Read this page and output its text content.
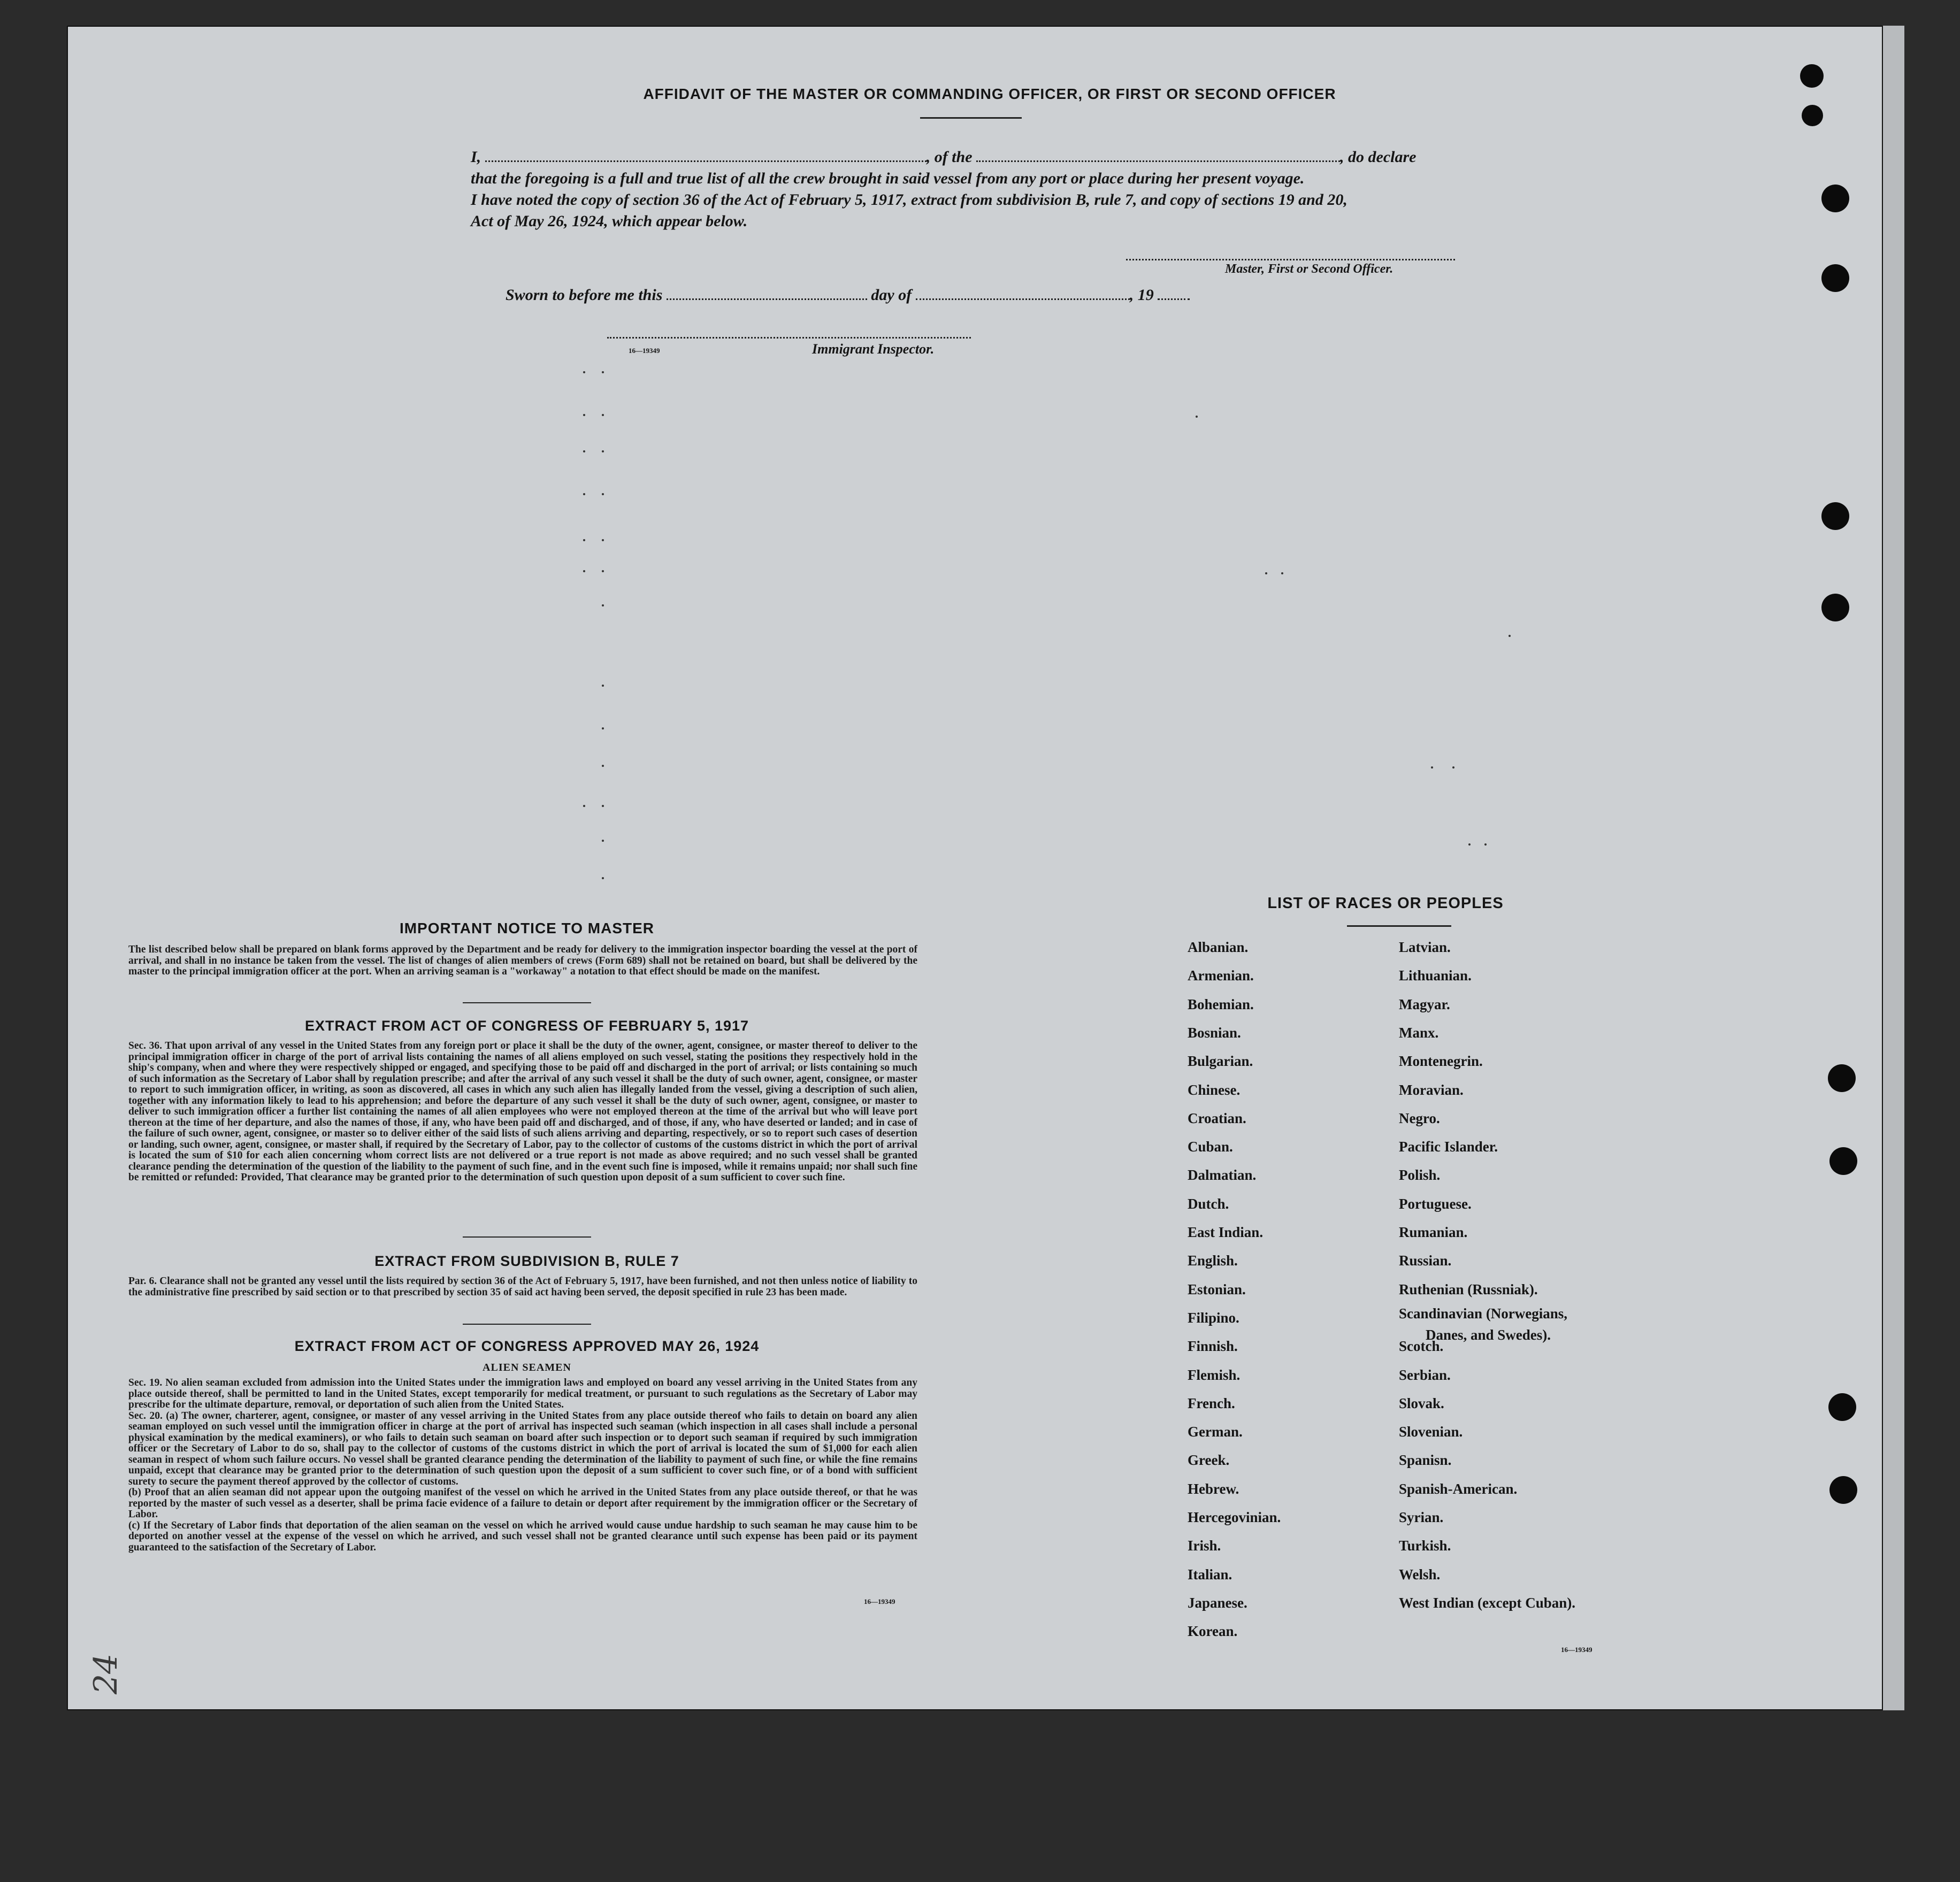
AFFIDAVIT OF THE MASTER OR COMMANDING OFFICER, OR FIRST OR SECOND OFFICER
I,	, of the	, do declare
that the foregoing is a full and true list of all the crew brought in said vessel from any port or place during her present voyage.
I have noted the copy of section 36 of the Act of February 5, 1917, extract from subdivision B, rule 7, and copy of sections 19 and 20,
Act of May 26, 1924, which appear below.
Master, First or Second Officer.
Sworn to before me this	day of	, 19
16—19349	Immigrant Inspector.
IMPORTANT NOTICE TO MASTER
The list described below shall be prepared on blank forms approved by the Department and be ready for delivery to the immigration inspector boarding the vessel at the port of arrival, and shall in no instance be taken from the vessel. The list of changes of alien members of crews (Form 689) shall not be retained on board, but shall be delivered by the master to the principal immigration officer at the port. When an arriving seaman is a "workaway" a notation to that effect should be made on the manifest.
EXTRACT FROM ACT OF CONGRESS OF FEBRUARY 5, 1917
Sec. 36. That upon arrival of any vessel in the United States from any foreign port or place it shall be the duty of the owner, agent, consignee, or master thereof to deliver to the principal immigration officer in charge of the port of arrival lists containing the names of all aliens employed on such vessel, stating the positions they respectively hold in the ship's company, when and where they were respectively shipped or engaged, and specifying those to be paid off and discharged in the port of arrival; or lists containing so much of such information as the Secretary of Labor shall by regulation prescribe; and after the arrival of any such vessel it shall be the duty of such owner, agent, consignee, or master to report to such immigration officer, in writing, as soon as discovered, all cases in which any such alien has illegally landed from the vessel, giving a description of such alien, together with any information likely to lead to his apprehension; and before the departure of any such vessel it shall be the duty of such owner, agent, consignee, or master to deliver to such immigration officer a further list containing the names of all alien employees who were not employed thereon at the time of the arrival but who will leave port thereon at the time of her departure, and also the names of those, if any, who have been paid off and discharged, and of those, if any, who have deserted or landed; and in case of the failure of such owner, agent, consignee, or master so to deliver either of the said lists of such aliens arriving and departing, respectively, or so to report such cases of desertion or landing, such owner, agent, consignee, or master shall, if required by the Secretary of Labor, pay to the collector of customs of the customs district in which the port of arrival is located the sum of $10 for each alien concerning whom correct lists are not delivered or a true report is not made as above required; and no such vessel shall be granted clearance pending the determination of the question of the liability to the payment of such fine, and in the event such fine is imposed, while it remains unpaid; nor shall such fine be remitted or refunded: Provided, That clearance may be granted prior to the determination of such question upon deposit of a sum sufficient to cover such fine.
EXTRACT FROM SUBDIVISION B, RULE 7
Par. 6. Clearance shall not be granted any vessel until the lists required by section 36 of the Act of February 5, 1917, have been furnished, and not then unless notice of liability to the administrative fine prescribed by said section or to that prescribed by section 35 of said act having been served, the deposit specified in rule 23 has been made.
EXTRACT FROM ACT OF CONGRESS APPROVED MAY 26, 1924
ALIEN SEAMEN
Sec. 19. No alien seaman excluded from admission into the United States under the immigration laws and employed on board any vessel arriving in the United States from any place outside thereof, shall be permitted to land in the United States, except temporarily for medical treatment, or pursuant to such regulations as the Secretary of Labor may prescribe for the ultimate departure, removal, or deportation of such alien from the United States.
Sec. 20. (a) The owner, charterer, agent, consignee, or master of any vessel arriving in the United States from any place outside thereof who fails to detain on board any alien seaman employed on such vessel until the immigration officer in charge at the port of arrival has inspected such seaman (which inspection in all cases shall include a personal physical examination by the medical examiners), or who fails to detain such seaman on board after such inspection or to deport such seaman if required by such immigration officer or the Secretary of Labor to do so, shall pay to the collector of customs of the customs district in which the port of arrival is located the sum of $1,000 for each alien seaman in respect of whom such failure occurs. No vessel shall be granted clearance pending the determination of the liability to payment of such fine, or while the fine remains unpaid, except that clearance may be granted prior to the determination of such question upon the deposit of a sum sufficient to cover such fine, or of a bond with sufficient surety to secure the payment thereof approved by the collector of customs.
(b) Proof that an alien seaman did not appear upon the outgoing manifest of the vessel on which he arrived in the United States from any place outside thereof, or that he was reported by the master of such vessel as a deserter, shall be prima facie evidence of a failure to detain or deport after requirement by the immigration officer or the Secretary of Labor.
(c) If the Secretary of Labor finds that deportation of the alien seaman on the vessel on which he arrived would cause undue hardship to such seaman he may cause him to be deported on another vessel at the expense of the vessel on which he arrived, and such vessel shall not be granted clearance until such expense has been paid or its payment guaranteed to the satisfaction of the Secretary of Labor.
16—19349
LIST OF RACES OR PEOPLES
Albanian.
Armenian.
Bohemian.
Bosnian.
Bulgarian.
Chinese.
Croatian.
Cuban.
Dalmatian.
Dutch.
East Indian.
English.
Estonian.
Filipino.
Finnish.
Flemish.
French.
German.
Greek.
Hebrew.
Hercegovinian.
Irish.
Italian.
Japanese.
Korean.
Latvian.
Lithuanian.
Magyar.
Manx.
Montenegrin.
Moravian.
Negro.
Pacific Islander.
Polish.
Portuguese.
Rumanian.
Russian.
Ruthenian (Russniak).
Scandinavian (Norwegians,
Danes, and Swedes).
Scotch.
Serbian.
Slovak.
Slovenian.
Spanisn.
Spanish-American.
Syrian.
Turkish.
Welsh.
West Indian (except Cuban).
16—19349
24
